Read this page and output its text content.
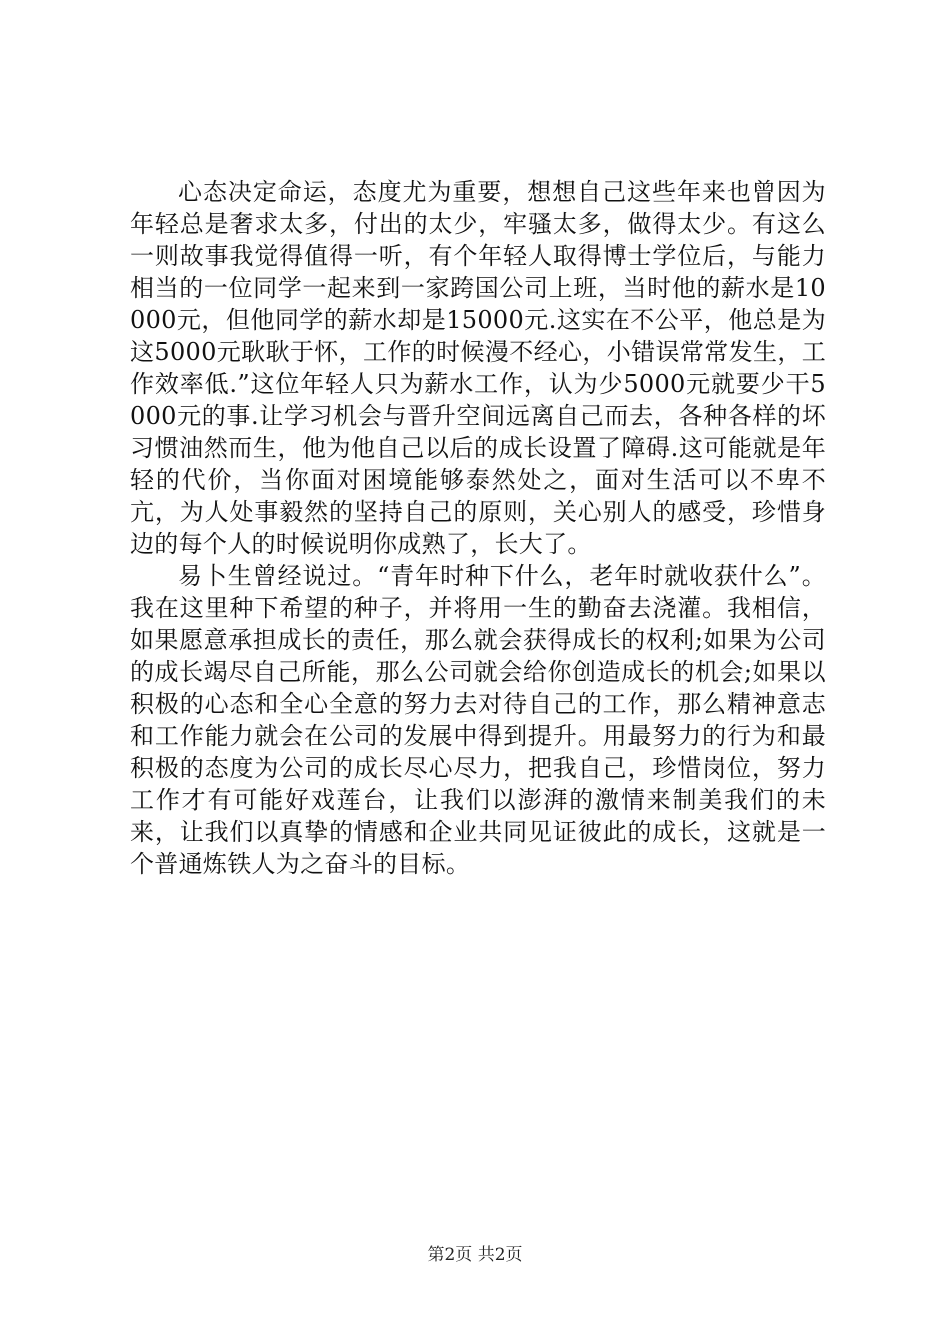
心态决定命运，态度尤为重要，想想自己这些年来也曾因为年轻总是奢求太多，付出的太少，牢骚太多，做得太少。有这么一则故事我觉得值得一听，有个年轻人取得博士学位后，与能力相当的一位同学一起来到一家跨国公司上班，当时他的薪水是10000元，但他同学的薪水却是15000元.这实在不公平，他总是为这5000元耿耿于怀，工作的时候漫不经心，小错误常常发生，工作效率低.”这位年轻人只为薪水工作，认为少5000元就要少干5000元的事.让学习机会与晋升空间远离自己而去，各种各样的坏习惯油然而生，他为他自己以后的成长设置了障碍.这可能就是年轻的代价，当你面对困境能够泰然处之，面对生活可以不卑不亢，为人处事毅然的坚持自己的原则，关心别人的感受，珍惜身边的每个人的时候说明你成熟了，长大了。

易卜生曾经说过。“青年时种下什么，老年时就收获什么”。我在这里种下希望的种子，并将用一生的勤奋去浇灌。我相信，如果愿意承担成长的责任，那么就会获得成长的权利;如果为公司的成长竭尽自己所能，那么公司就会给你创造成长的机会;如果以积极的心态和全心全意的努力去对待自己的工作，那么精神意志和工作能力就会在公司的发展中得到提升。用最努力的行为和最积极的态度为公司的成长尽心尽力，把我自己，珍惜岗位，努力工作才有可能好戏莲台，让我们以澎湃的激情来制美我们的未来，让我们以真挚的情感和企业共同见证彼此的成长，这就是一个普通炼铁人为之奋斗的目标。

第2页 共2页
